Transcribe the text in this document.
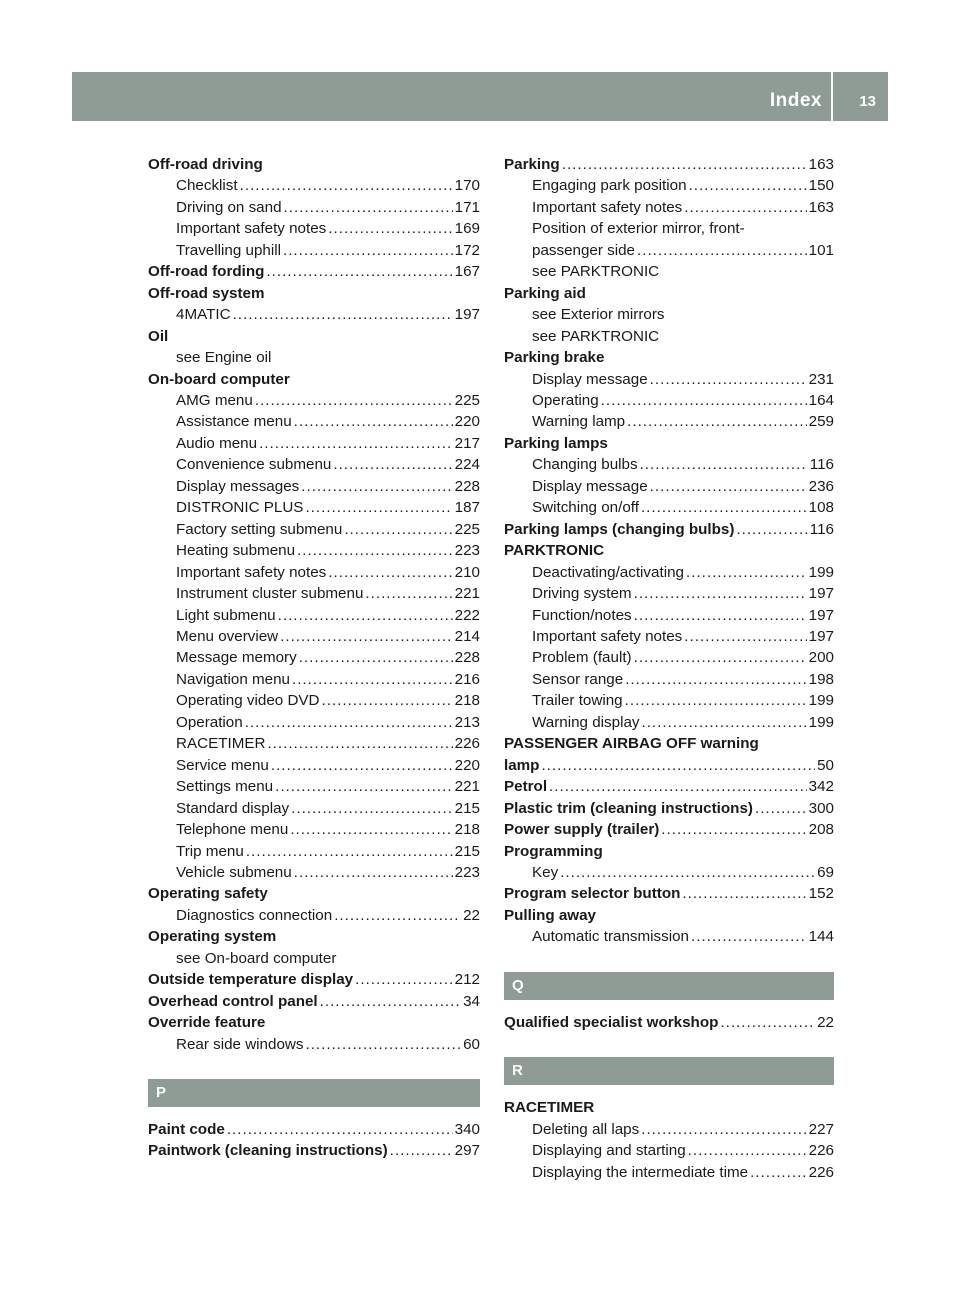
Index 13
Off-road driving
Checklist .....	170
Driving on sand .....	171
Important safety notes .....	169
Travelling uphill .....	172
Off-road fording .....	167
Off-road system
4MATIC .....	197
Oil
see Engine oil
On-board computer
AMG menu .....	225
Assistance menu .....	220
Audio menu .....	217
Convenience submenu .....	224
Display messages .....	228
DISTRONIC PLUS .....	187
Factory setting submenu .....	225
Heating submenu .....	223
Important safety notes .....	210
Instrument cluster submenu .....	221
Light submenu .....	222
Menu overview .....	214
Message memory .....	228
Navigation menu .....	216
Operating video DVD .....	218
Operation .....	213
RACETIMER .....	226
Service menu .....	220
Settings menu .....	221
Standard display .....	215
Telephone menu .....	218
Trip menu .....	215
Vehicle submenu .....	223
Operating safety
Diagnostics connection .....	22
Operating system
see On-board computer
Outside temperature display .....	212
Overhead control panel .....	34
Override feature
Rear side windows .....	60
P
Paint code .....	340
Paintwork (cleaning instructions) .....	297
Parking .....	163
Engaging park position .....	150
Important safety notes .....	163
Position of exterior mirror, front-
passenger side .....	101
see PARKTRONIC
Parking aid
see Exterior mirrors
see PARKTRONIC
Parking brake
Display message .....	231
Operating .....	164
Warning lamp .....	259
Parking lamps
Changing bulbs .....	116
Display message .....	236
Switching on/off .....	108
Parking lamps (changing bulbs) .....	116
PARKTRONIC
Deactivating/activating .....	199
Driving system .....	197
Function/notes .....	197
Important safety notes .....	197
Problem (fault) .....	200
Sensor range .....	198
Trailer towing .....	199
Warning display .....	199
PASSENGER AIRBAG OFF warning
lamp .....	50
Petrol .....	342
Plastic trim (cleaning instructions) .....	300
Power supply (trailer) .....	208
Programming
Key .....	69
Program selector button .....	152
Pulling away
Automatic transmission .....	144
Q
Qualified specialist workshop .....	22
R
RACETIMER
Deleting all laps .....	227
Displaying and starting .....	226
Displaying the intermediate time .....	226
